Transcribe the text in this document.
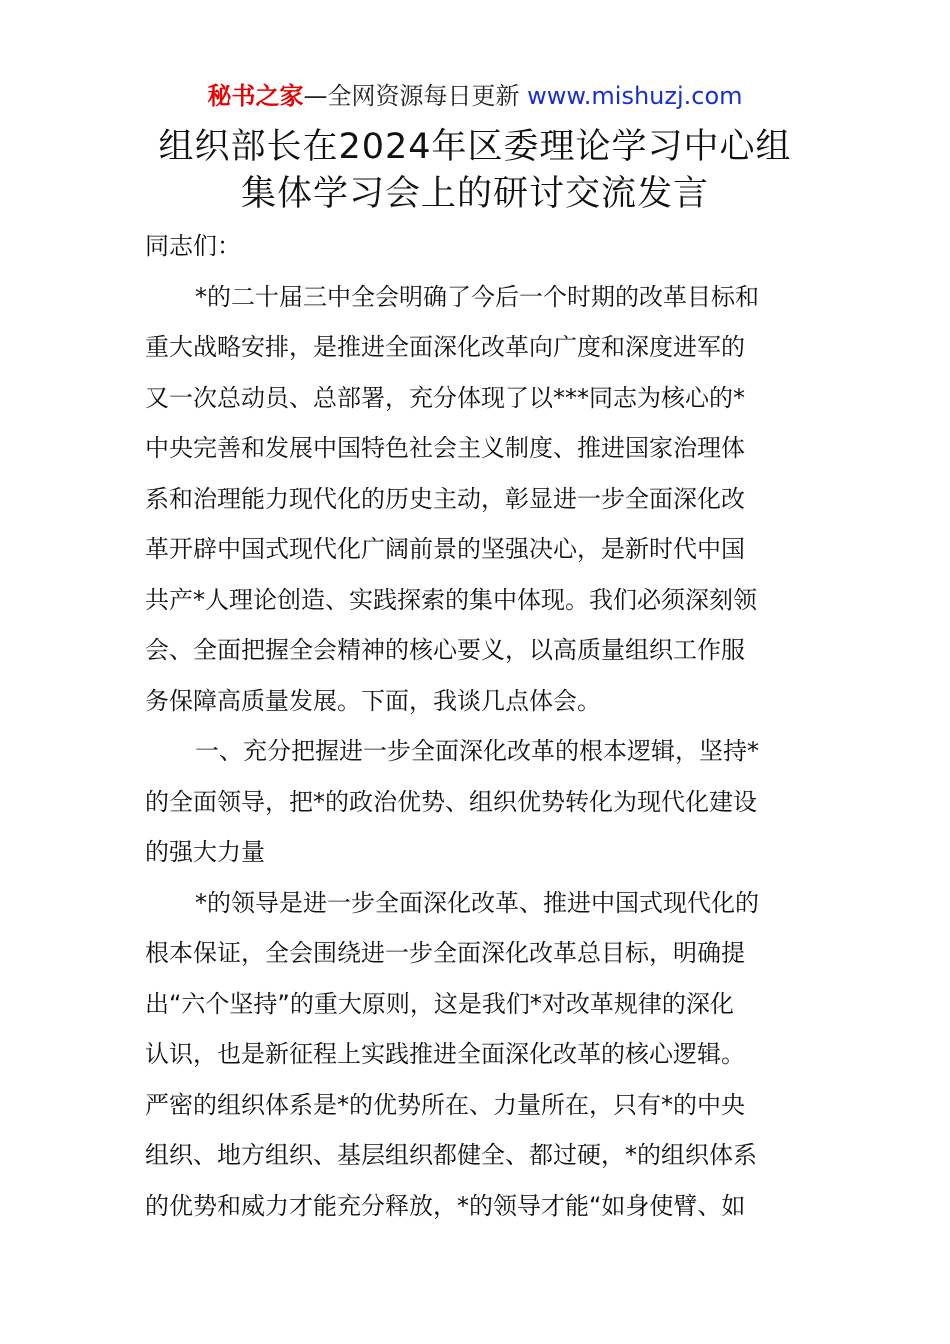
秘书之家—全网资源每日更新 www.mishuzj.com
组织部长在2024年区委理论学习中心组
集体学习会上的研讨交流发言
同志们：
*的二十届三中全会明确了今后一个时期的改革目标和
重大战略安排，是推进全面深化改革向广度和深度进军的
又一次总动员、总部署，充分体现了以***同志为核心的*
中央完善和发展中国特色社会主义制度、推进国家治理体
系和治理能力现代化的历史主动，彰显进一步全面深化改
革开辟中国式现代化广阔前景的坚强决心，是新时代中国
共产*人理论创造、实践探索的集中体现。我们必须深刻领
会、全面把握全会精神的核心要义，以高质量组织工作服
务保障高质量发展。下面，我谈几点体会。
一、充分把握进一步全面深化改革的根本逻辑，坚持*
的全面领导，把*的政治优势、组织优势转化为现代化建设
的强大力量
*的领导是进一步全面深化改革、推进中国式现代化的
根本保证，全会围绕进一步全面深化改革总目标，明确提
出“六个坚持”的重大原则，这是我们*对改革规律的深化
认识，也是新征程上实践推进全面深化改革的核心逻辑。
严密的组织体系是*的优势所在、力量所在，只有*的中央
组织、地方组织、基层组织都健全、都过硬，*的组织体系
的优势和威力才能充分释放，*的领导才能“如身使臂、如
